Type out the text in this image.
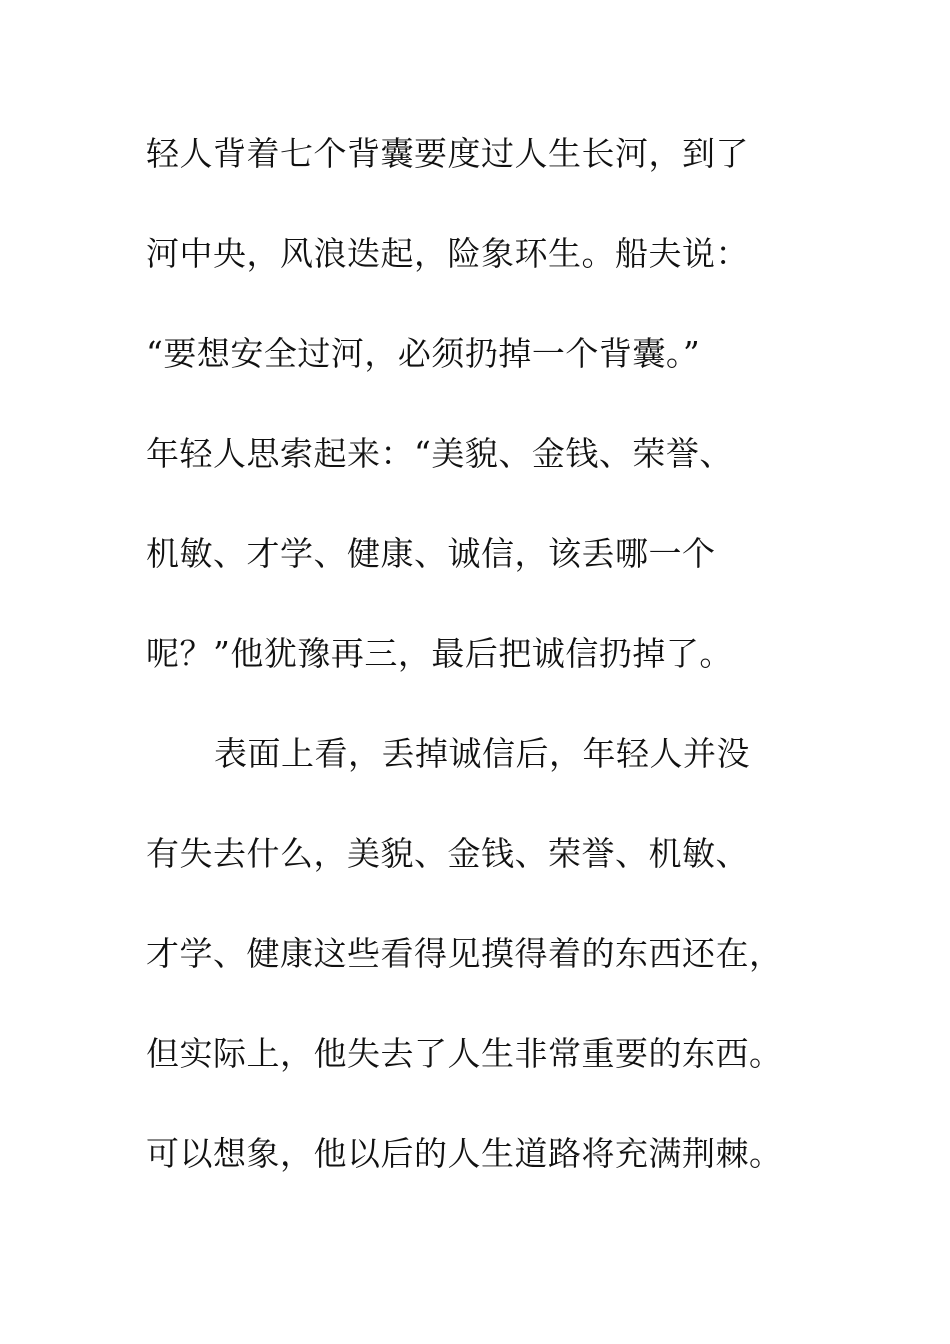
轻人背着七个背囊要度过人生长河，到了
河中央，风浪迭起，险象环生。船夫说：
“要想安全过河，必须扔掉一个背囊。”
年轻人思索起来：“美貌、金钱、荣誉、
机敏、才学、健康、诚信，该丢哪一个
呢？”他犹豫再三，最后把诚信扔掉了。
表面上看，丢掉诚信后，年轻人并没
有失去什么，美貌、金钱、荣誉、机敏、
才学、健康这些看得见摸得着的东西还在，
但实际上，他失去了人生非常重要的东西。
可以想象，他以后的人生道路将充满荆棘。
